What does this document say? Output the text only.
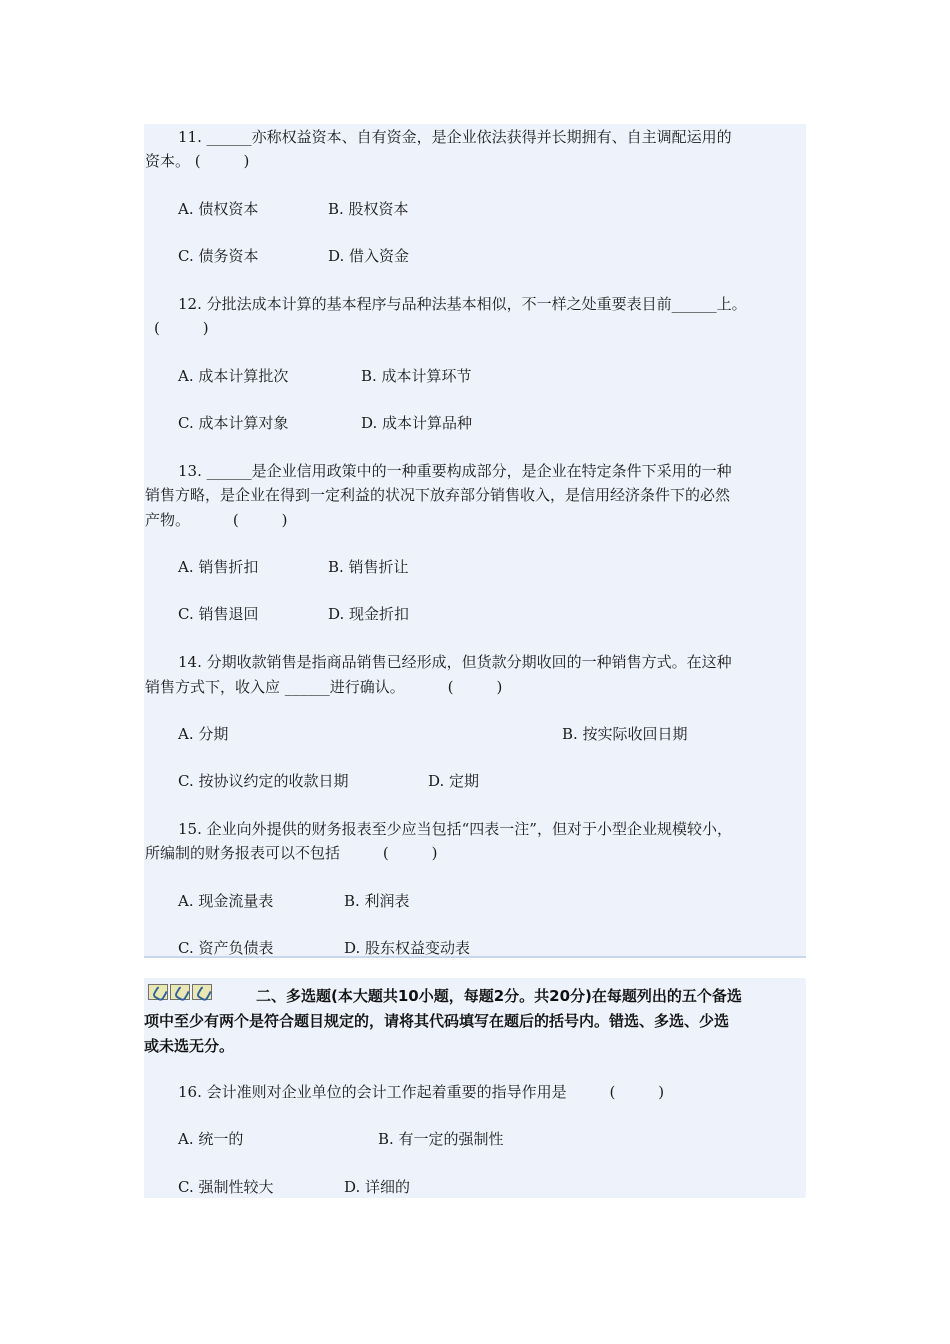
11. ______亦称权益资本、自有资金，是企业依法获得并长期拥有、自主调配运用的
资本。 (         )
A. 债权资本	B. 股权资本
C. 债务资本	D. 借入资金
12. 分批法成本计算的基本程序与品种法基本相似，不一样之处重要表目前______上。
(         )
A. 成本计算批次	B. 成本计算环节
C. 成本计算对象	D. 成本计算品种
13. ______是企业信用政策中的一种重要构成部分，是企业在特定条件下采用的一种
销售方略，是企业在得到一定利益的状况下放弃部分销售收入，是信用经济条件下的必然
产物。         (         )
A. 销售折扣	B. 销售折让
C. 销售退回	D. 现金折扣
14. 分期收款销售是指商品销售已经形成，但货款分期收回的一种销售方式。在这种
销售方式下，收入应 ______进行确认。         (         )
A. 分期	B. 按实际收回日期
C. 按协议约定的收款日期	D. 定期
15. 企业向外提供的财务报表至少应当包括“四表一注”，但对于小型企业规模较小，
所编制的财务报表可以不包括         (         )
A. 现金流量表	B. 利润表
C. 资产负债表	D. 股东权益变动表
二、多选题(本大题共10小题，每题2分。共20分)在每题列出的五个备选
项中至少有两个是符合题目规定的，请将其代码填写在题后的括号内。错选、多选、少选
或未选无分。
16. 会计准则对企业单位的会计工作起着重要的指导作用是         (         )
A. 统一的	B. 有一定的强制性
C. 强制性较大	D. 详细的
